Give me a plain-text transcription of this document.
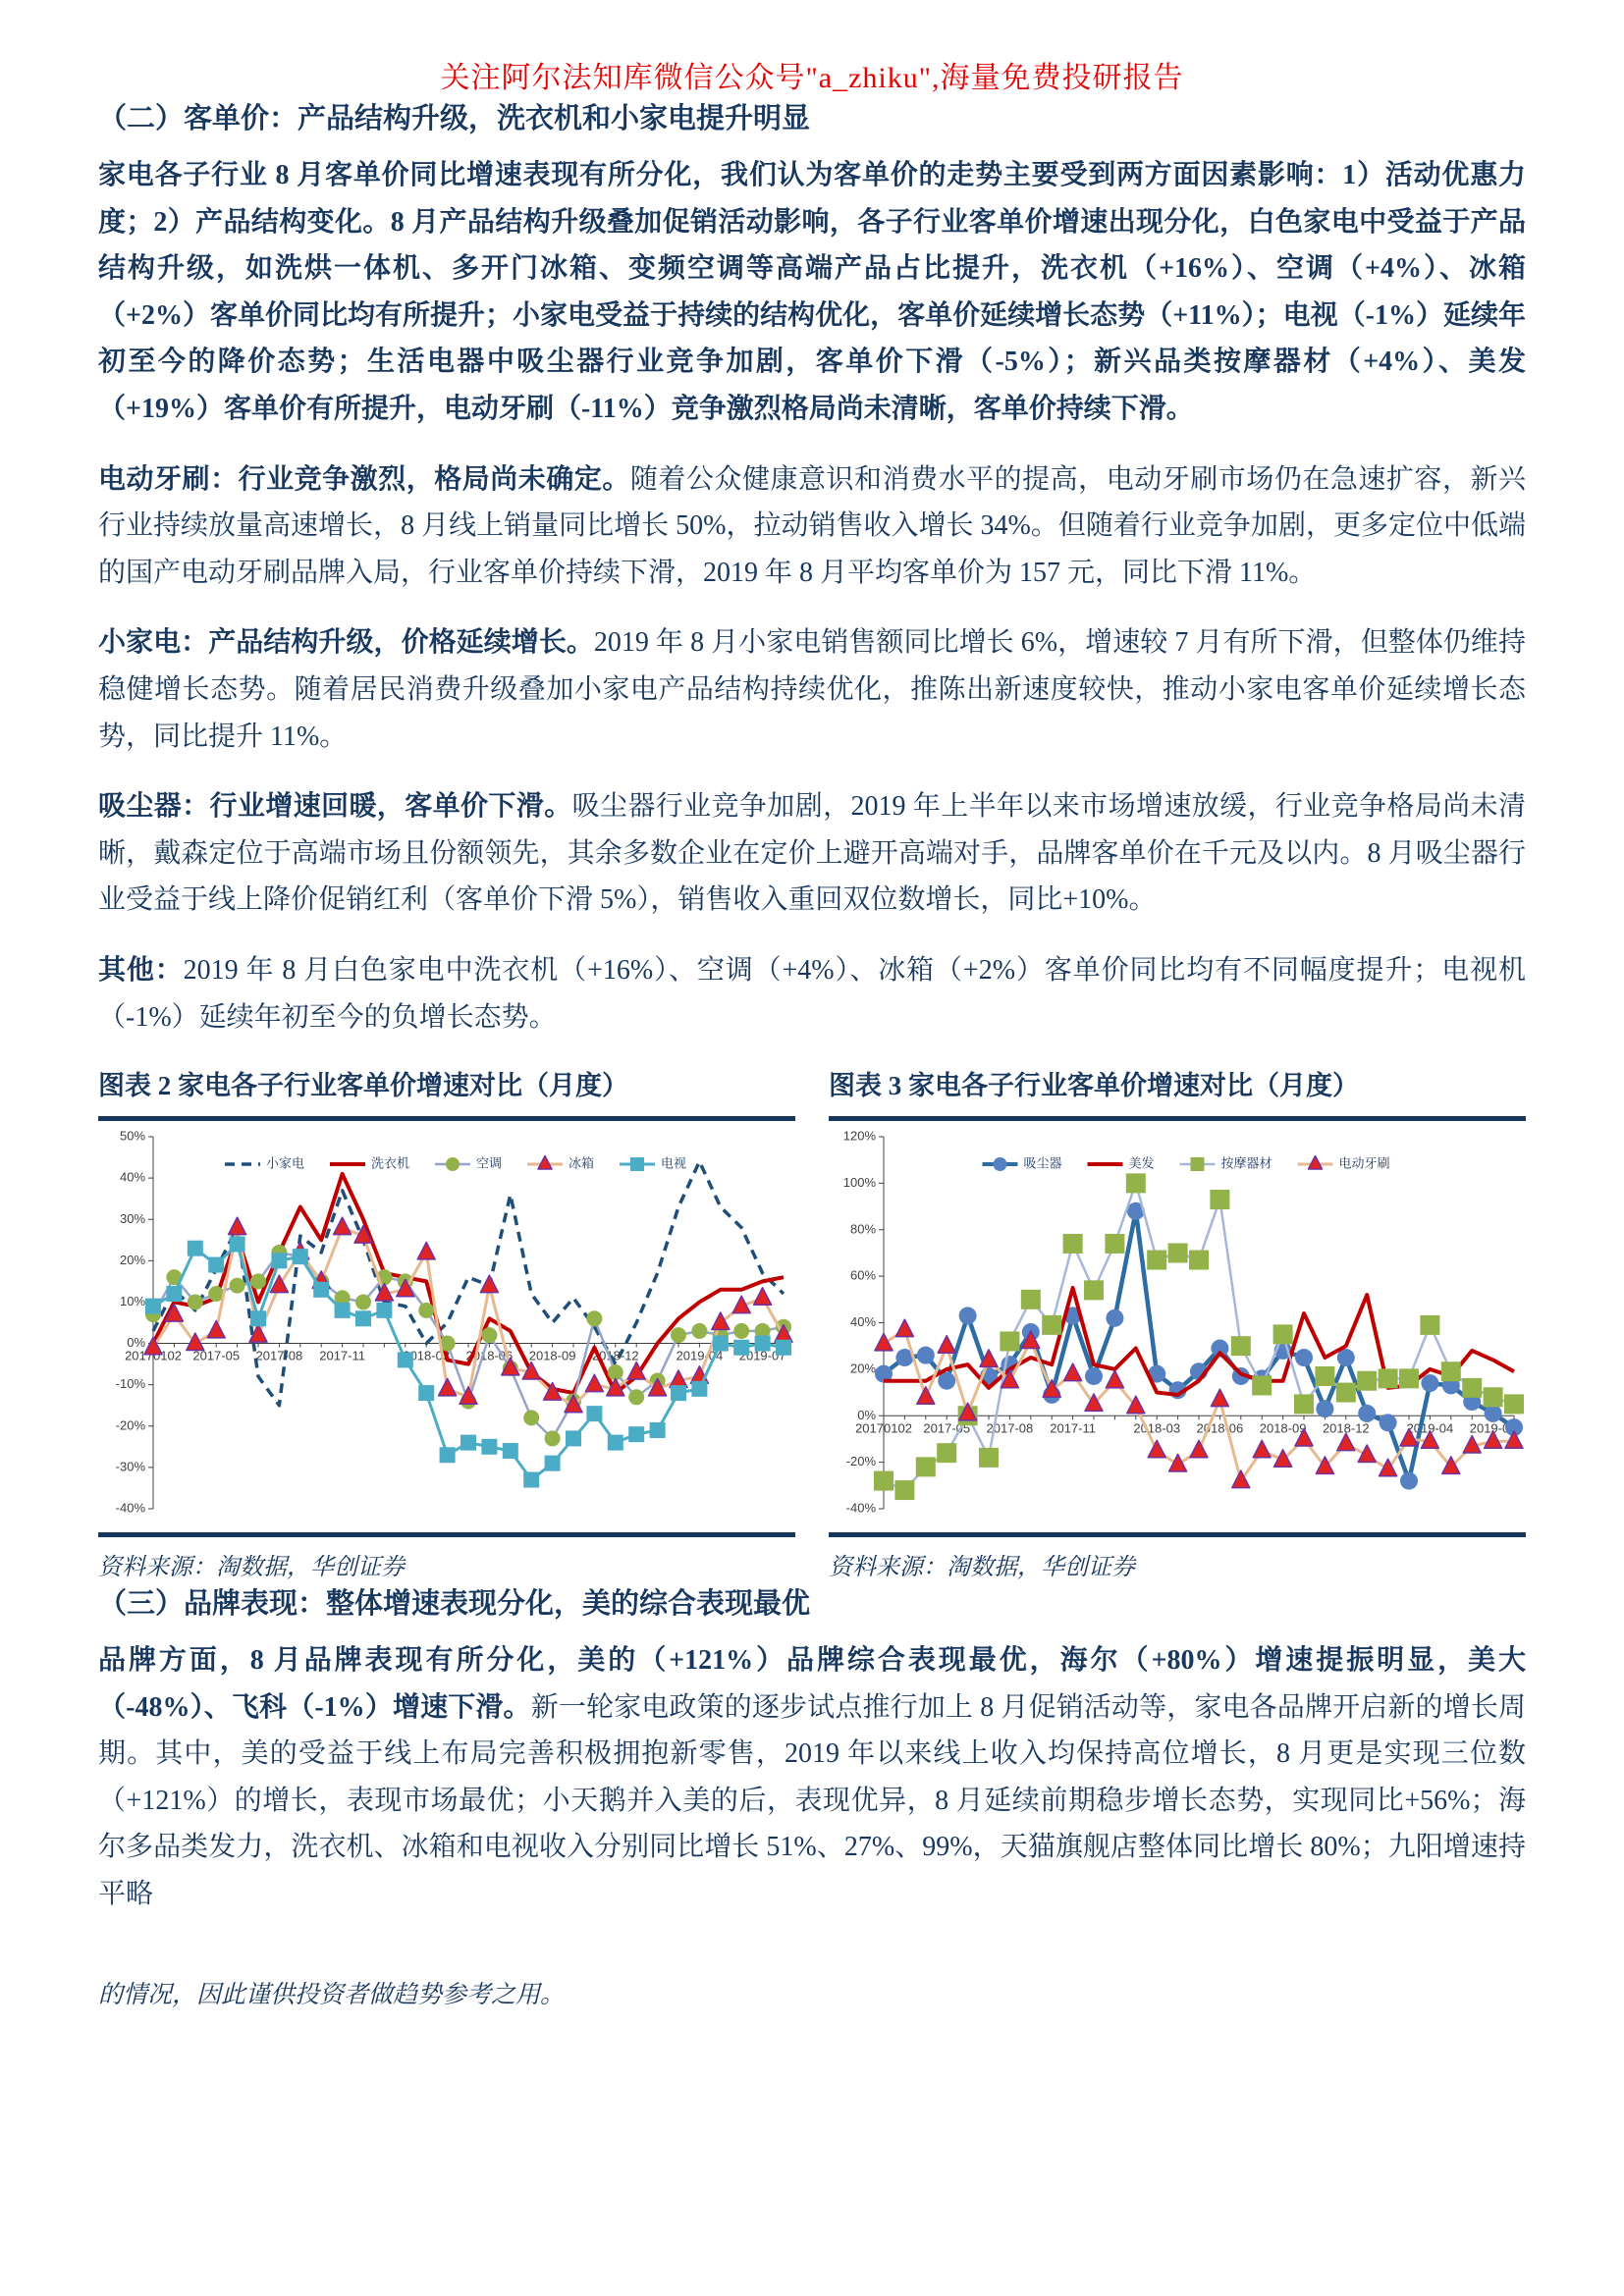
关注阿尔法知库微信公众号"a_zhiku",海量免费投研报告
（二）客单价：产品结构升级，洗衣机和小家电提升明显

家电各子行业 8 月客单价同比增速表现有所分化，我们认为客单价的走势主要受到两方面因素影响：1）活动优惠力度；2）产品结构变化。8 月产品结构升级叠加促销活动影响，各子行业客单价增速出现分化，白色家电中受益于产品结构升级，如洗烘一体机、多开门冰箱、变频空调等高端产品占比提升，洗衣机（+16%）、空调（+4%）、冰箱（+2%）客单价同比均有所提升；小家电受益于持续的结构优化，客单价延续增长态势（+11%）；电视（-1%）延续年初至今的降价态势；生活电器中吸尘器行业竞争加剧，客单价下滑（-5%）；新兴品类按摩器材（+4%）、美发（+19%）客单价有所提升，电动牙刷（-11%）竞争激烈格局尚未清晰，客单价持续下滑。

电动牙刷：行业竞争激烈，格局尚未确定。随着公众健康意识和消费水平的提高，电动牙刷市场仍在急速扩容，新兴行业持续放量高速增长，8 月线上销量同比增长 50%，拉动销售收入增长 34%。但随着行业竞争加剧，更多定位中低端的国产电动牙刷品牌入局，行业客单价持续下滑，2019 年 8 月平均客单价为 157 元，同比下滑 11%。

小家电：产品结构升级，价格延续增长。2019 年 8 月小家电销售额同比增长 6%，增速较 7 月有所下滑，但整体仍维持稳健增长态势。随着居民消费升级叠加小家电产品结构持续优化，推陈出新速度较快，推动小家电客单价延续增长态势，同比提升 11%。

吸尘器：行业增速回暖，客单价下滑。吸尘器行业竞争加剧，2019 年上半年以来市场增速放缓，行业竞争格局尚未清晰，戴森定位于高端市场且份额领先，其余多数企业在定价上避开高端对手，品牌客单价在千元及以内。8 月吸尘器行业受益于线上降价促销红利（客单价下滑 5%），销售收入重回双位数增长，同比+10%。

其他：2019 年 8 月白色家电中洗衣机（+16%）、空调（+4%）、冰箱（+2%）客单价同比均有不同幅度提升；电视机（-1%）延续年初至今的负增长态势。

图表 2 家电各子行业客单价增速对比（月度）
资料来源：淘数据，华创证券
图表 3 家电各子行业客单价增速对比（月度）
资料来源：淘数据，华创证券
（三）品牌表现：整体增速表现分化，美的综合表现最优

品牌方面，8 月品牌表现有所分化，美的（+121%）品牌综合表现最优，海尔（+80%）增速提振明显，美大（-48%）、飞科（-1%）增速下滑。新一轮家电政策的逐步试点推行加上 8 月促销活动等，家电各品牌开启新的增长周期。其中，美的受益于线上布局完善积极拥抱新零售，2019 年以来线上收入均保持高位增长，8 月更是实现三位数（+121%）的增长，表现市场最优；小天鹅并入美的后，表现优异，8 月延续前期稳步增长态势，实现同比+56%；海尔多品类发力，洗衣机、冰箱和电视收入分别同比增长 51%、27%、99%，天猫旗舰店整体同比增长 80%；九阳增速持平略

的情况，因此谨供投资者做趋势参考之用。
